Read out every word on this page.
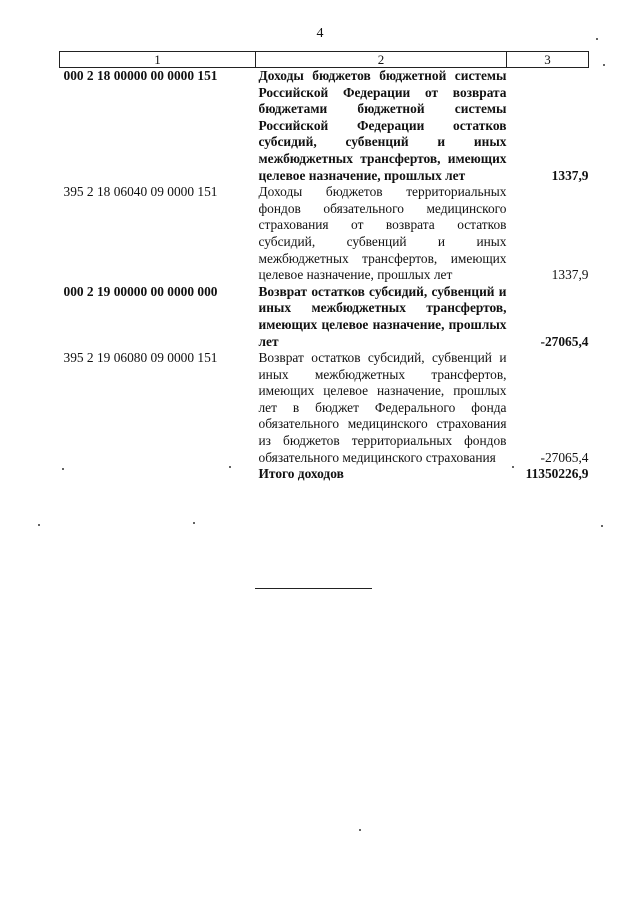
4
1	2	3
000 2 18 00000 00 0000 151	Доходы бюджетов бюджетной системы Российской Федерации от возврата бюджетами бюджетной системы Российской Федерации остатков субсидий, субвенций и иных межбюджетных трансфертов, имеющих целевое назначение, прошлых лет	1337,9
395 2 18 06040 09 0000 151	Доходы бюджетов территориальных фондов обязательного медицинского страхования от возврата остатков субсидий, субвенций и иных межбюджетных трансфертов, имеющих целевое назначение, прошлых лет	1337,9
000 2 19 00000 00 0000 000	Возврат остатков субсидий, субвенций и иных межбюджетных трансфертов, имеющих целевое назначение, прошлых лет	-27065,4
395 2 19 06080 09 0000 151	Возврат остатков субсидий, субвенций и иных межбюджетных трансфертов, имеющих целевое назначение, прошлых лет в бюджет Федерального фонда обязательного медицинского страхования из бюджетов территориальных фондов обязательного медицинского страхования	-27065,4
	Итого доходов	11350226,9
